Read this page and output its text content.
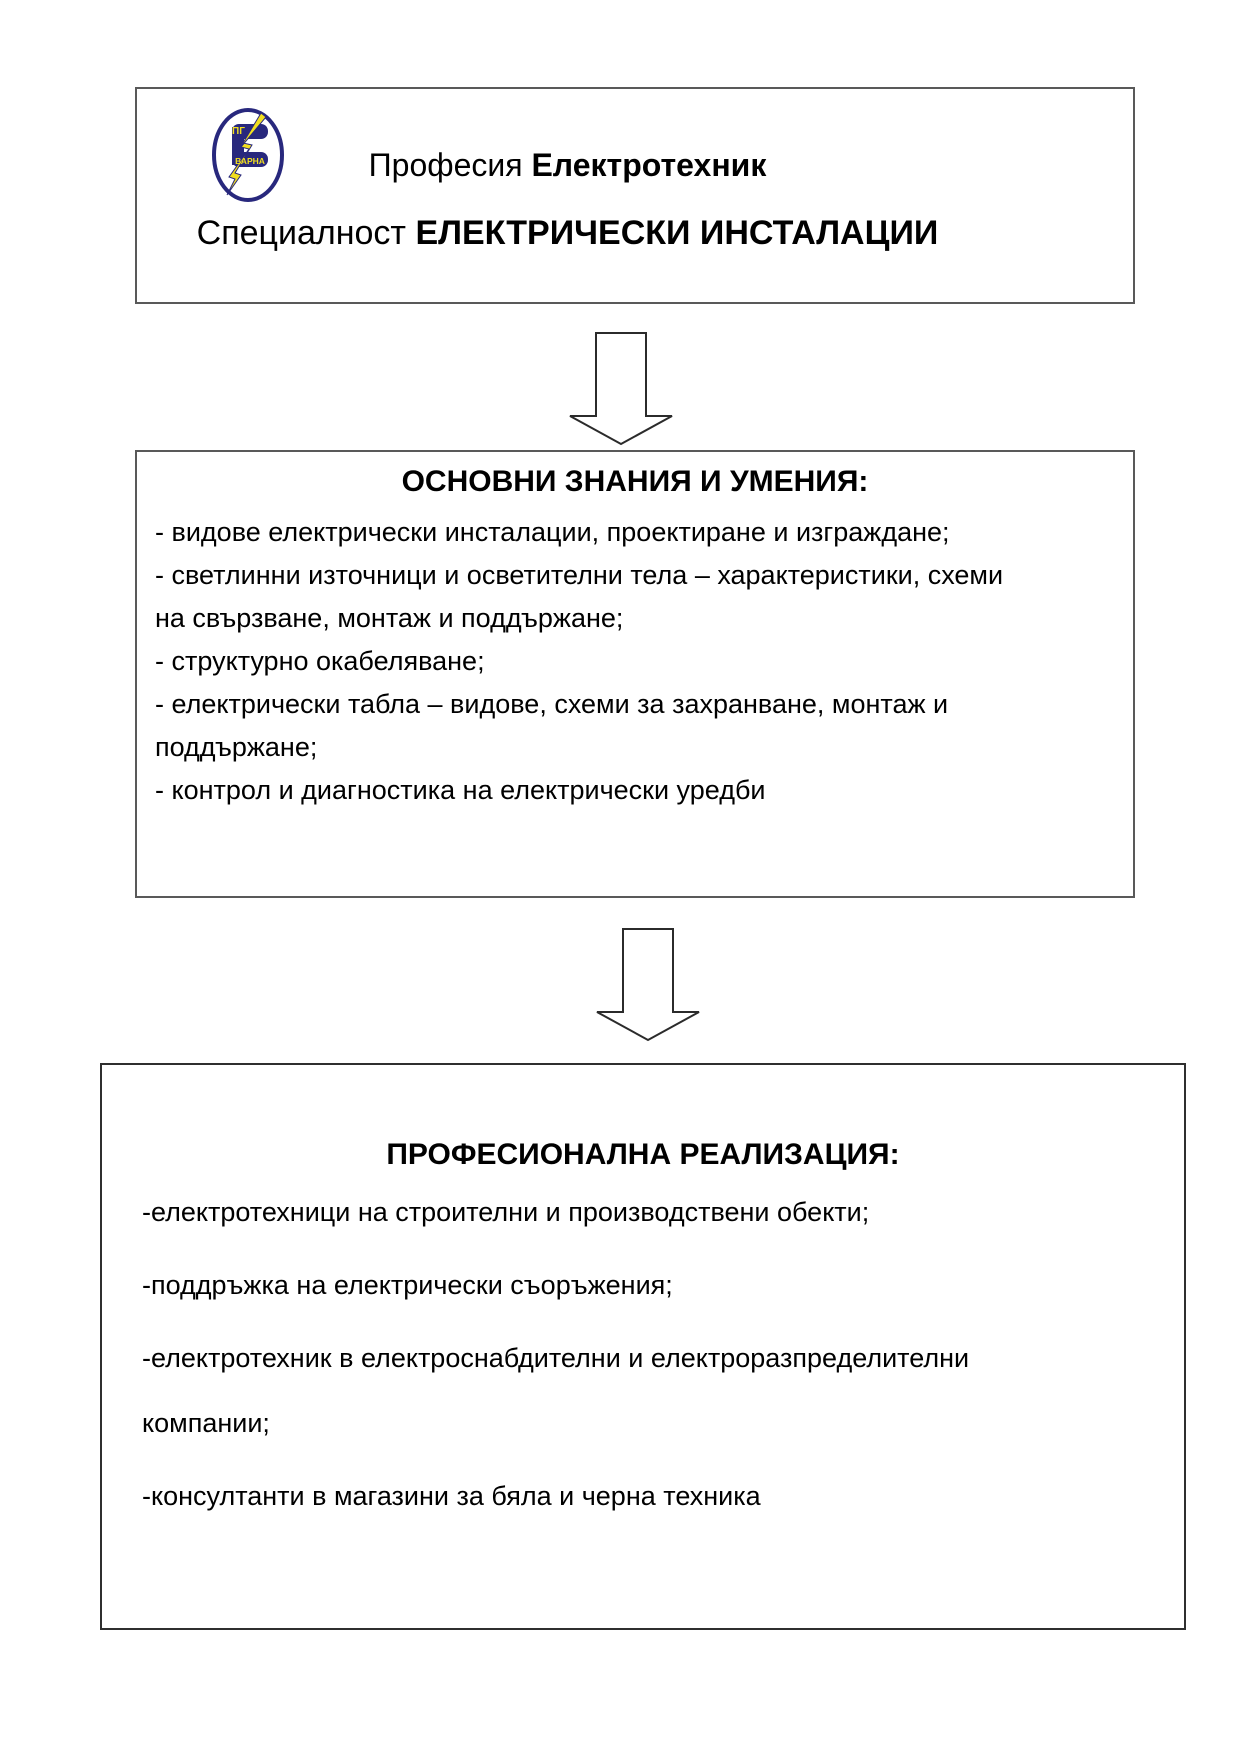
ПГ
ВАРНА	Професия Електротехник
Специалност ЕЛЕКТРИЧЕСКИ ИНСТАЛАЦИИ
ОСНОВНИ ЗНАНИЯ И УМЕНИЯ:
- видове електрически инсталации, проектиране и изграждане;
- светлинни източници и осветителни тела – характеристики, схеми
на свързване, монтаж и поддържане;
- структурно окабеляване;
- електрически табла – видове, схеми за захранване, монтаж и
поддържане;
- контрол и диагностика на електрически уредби
ПРОФЕСИОНАЛНА РЕАЛИЗАЦИЯ:
-електротехници на строителни и производствени обекти;
-поддръжка на електрически съоръжения;
-електротехник в електроснабдителни и електроразпределителни
компании;
-консултанти в магазини за бяла и черна техника
